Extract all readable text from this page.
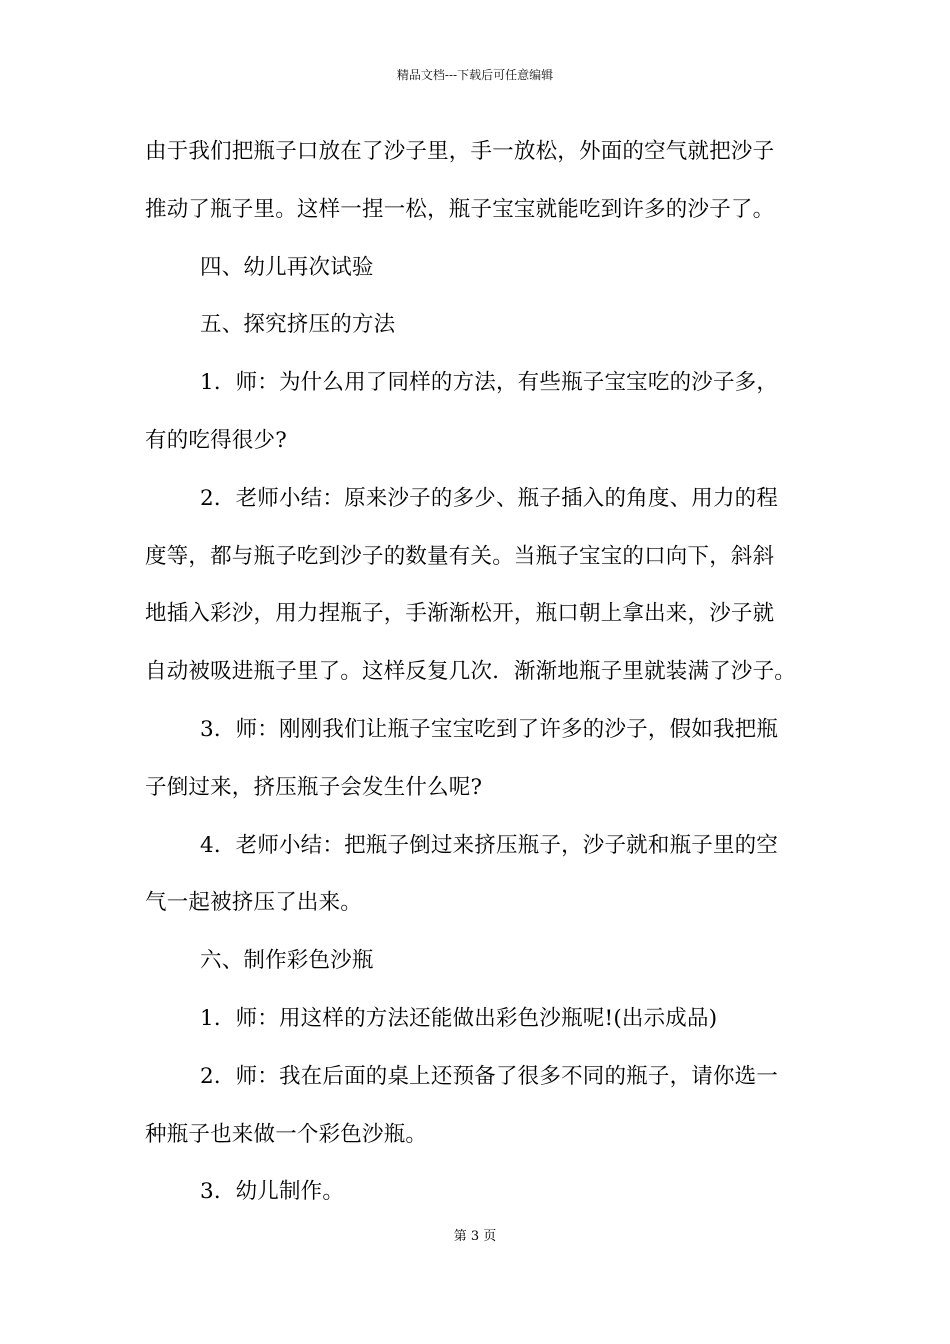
精品文档---下载后可任意编辑
由于我们把瓶子口放在了沙子里，手一放松，外面的空气就把沙子
推动了瓶子里。这样一捏一松，瓶子宝宝就能吃到许多的沙子了。
四、幼儿再次试验
五、探究挤压的方法
1．师：为什么用了同样的方法，有些瓶子宝宝吃的沙子多，
有的吃得很少?
2．老师小结：原来沙子的多少、瓶子插入的角度、用力的程
度等，都与瓶子吃到沙子的数量有关。当瓶子宝宝的口向下，斜斜
地插入彩沙，用力捏瓶子，手渐渐松开，瓶口朝上拿出来，沙子就
自动被吸进瓶子里了。这样反复几次．渐渐地瓶子里就装满了沙子。
3．师：刚刚我们让瓶子宝宝吃到了许多的沙子，假如我把瓶
子倒过来，挤压瓶子会发生什么呢?
4．老师小结：把瓶子倒过来挤压瓶子，沙子就和瓶子里的空
气一起被挤压了出来。
六、制作彩色沙瓶
1．师：用这样的方法还能做出彩色沙瓶呢!(出示成品)
2．师：我在后面的桌上还预备了很多不同的瓶子，请你选一
种瓶子也来做一个彩色沙瓶。
3．幼儿制作。
第 3 页
